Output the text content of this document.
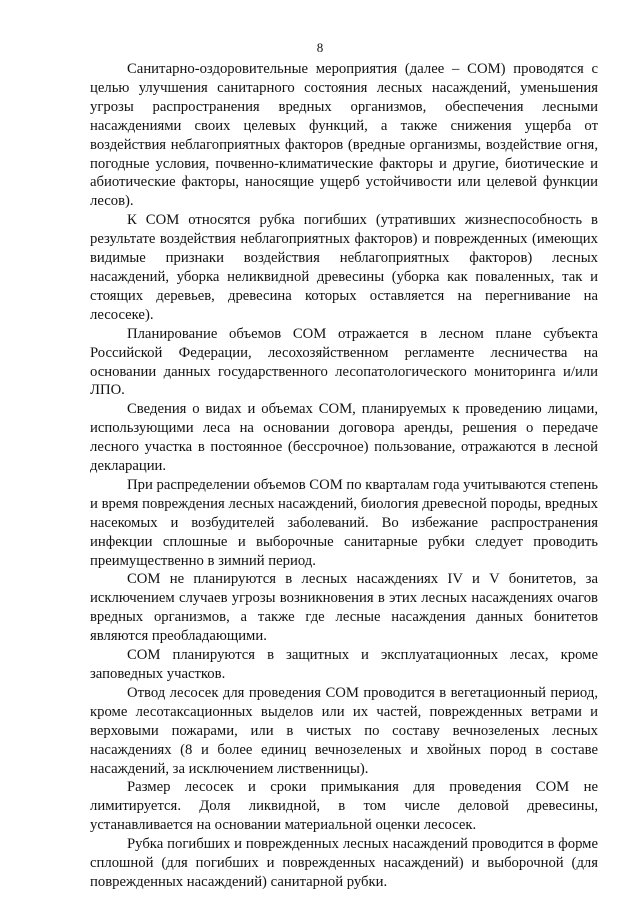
8

Санитарно-оздоровительные мероприятия (далее – СОМ) проводятся с целью улучшения санитарного состояния лесных насаждений, уменьшения угрозы распространения вредных организмов, обеспечения лесными насаждениями своих целевых функций, а также снижения ущерба от воздействия неблагоприятных факторов (вредные организмы, воздействие огня, погодные условия, почвенно-климатические факторы и другие, биотические и абиотические факторы, наносящие ущерб устойчивости или целевой функции лесов).

К СОМ относятся рубка погибших (утративших жизнеспособность в результате воздействия неблагоприятных факторов) и поврежденных (имеющих видимые признаки воздействия неблагоприятных факторов) лесных насаждений, уборка неликвидной древесины (уборка как поваленных, так и стоящих деревьев, древесина которых оставляется на перегнивание на лесосеке).

Планирование объемов СОМ отражается в лесном плане субъекта Российской Федерации, лесохозяйственном регламенте лесничества на основании данных государственного лесопатологического мониторинга и/или ЛПО.

Сведения о видах и объемах СОМ, планируемых к проведению лицами, использующими леса на основании договора аренды, решения о передаче лесного участка в постоянное (бессрочное) пользование, отражаются в лесной декларации.

При распределении объемов СОМ по кварталам года учитываются степень и время повреждения лесных насаждений, биология древесной породы, вредных насекомых и возбудителей заболеваний. Во избежание распространения инфекции сплошные и выборочные санитарные рубки следует проводить преимущественно в зимний период.

СОМ не планируются в лесных насаждениях IV и V бонитетов, за исключением случаев угрозы возникновения в этих лесных насаждениях очагов вредных организмов, а также где лесные насаждения данных бонитетов являются преобладающими.

СОМ планируются в защитных и эксплуатационных лесах, кроме заповедных участков.

Отвод лесосек для проведения СОМ проводится в вегетационный период, кроме лесотаксационных выделов или их частей, поврежденных ветрами и верховыми пожарами, или в чистых по составу вечнозеленых лесных насаждениях (8 и более единиц вечнозеленых и хвойных пород в составе насаждений, за исключением лиственницы).

Размер лесосек и сроки примыкания для проведения СОМ не лимитируется. Доля ликвидной, в том числе деловой древесины, устанавливается на основании материальной оценки лесосек.

Рубка погибших и поврежденных лесных насаждений проводится в форме сплошной (для погибших и поврежденных насаждений) и выборочной (для поврежденных насаждений) санитарной рубки.
